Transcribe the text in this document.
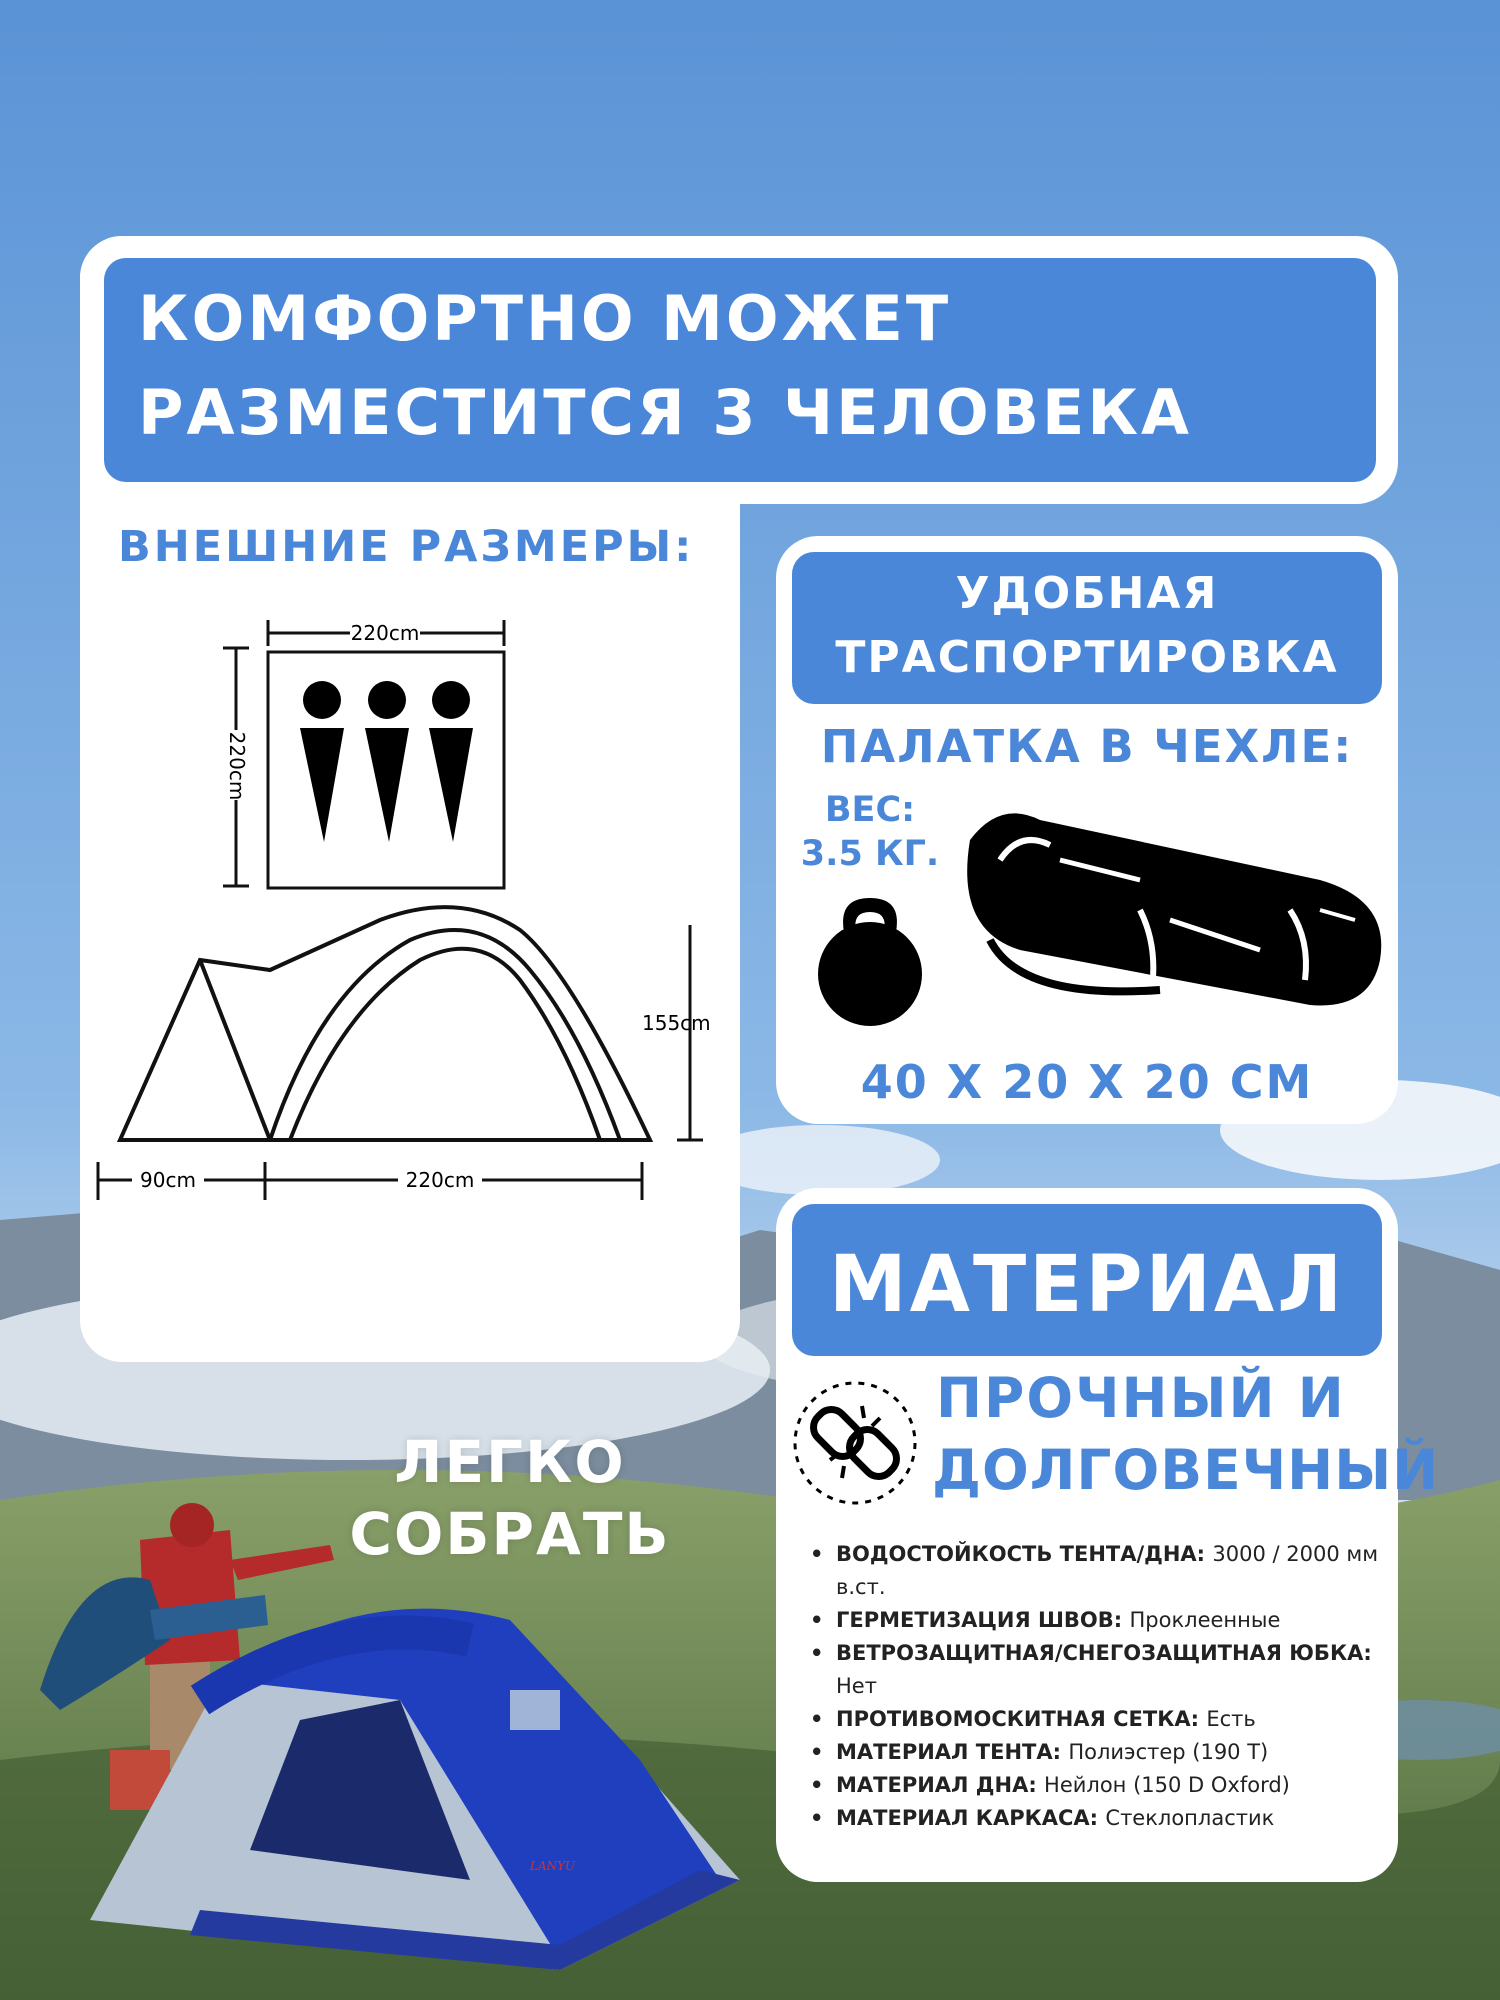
LANYU
КОМФОРТНО МОЖЕТ
РАЗМЕСТИТСЯ 3 ЧЕЛОВЕКА
ВНЕШНИЕ РАЗМЕРЫ:
220cm
220cm
155cm
90cm	220cm
УДОБНАЯ
ТРАСПОРТИРОВКА
ПАЛАТКА В ЧЕХЛЕ:
ВЕС:
3.5 КГ.
40 Х 20 Х 20 СМ
МАТЕРИАЛ
ПРОЧНЫЙ И
ДОЛГОВЕЧНЫЙ
• ВОДОСТОЙКОСТЬ ТЕНТА/ДНА: 3000 / 2000 мм в.ст.
• ГЕРМЕТИЗАЦИЯ ШВОВ: Проклеенные
• ВЕТРОЗАЩИТНАЯ/СНЕГОЗАЩИТНАЯ ЮБКА: Нет
• ПРОТИВОМОСКИТНАЯ СЕТКА: Есть
• МАТЕРИАЛ ТЕНТА: Полиэстер (190 T)
• МАТЕРИАЛ ДНА: Нейлон (150 D Oxford)
• МАТЕРИАЛ КАРКАСА: Стеклопластик
ЛЕГКО
СОБРАТЬ
